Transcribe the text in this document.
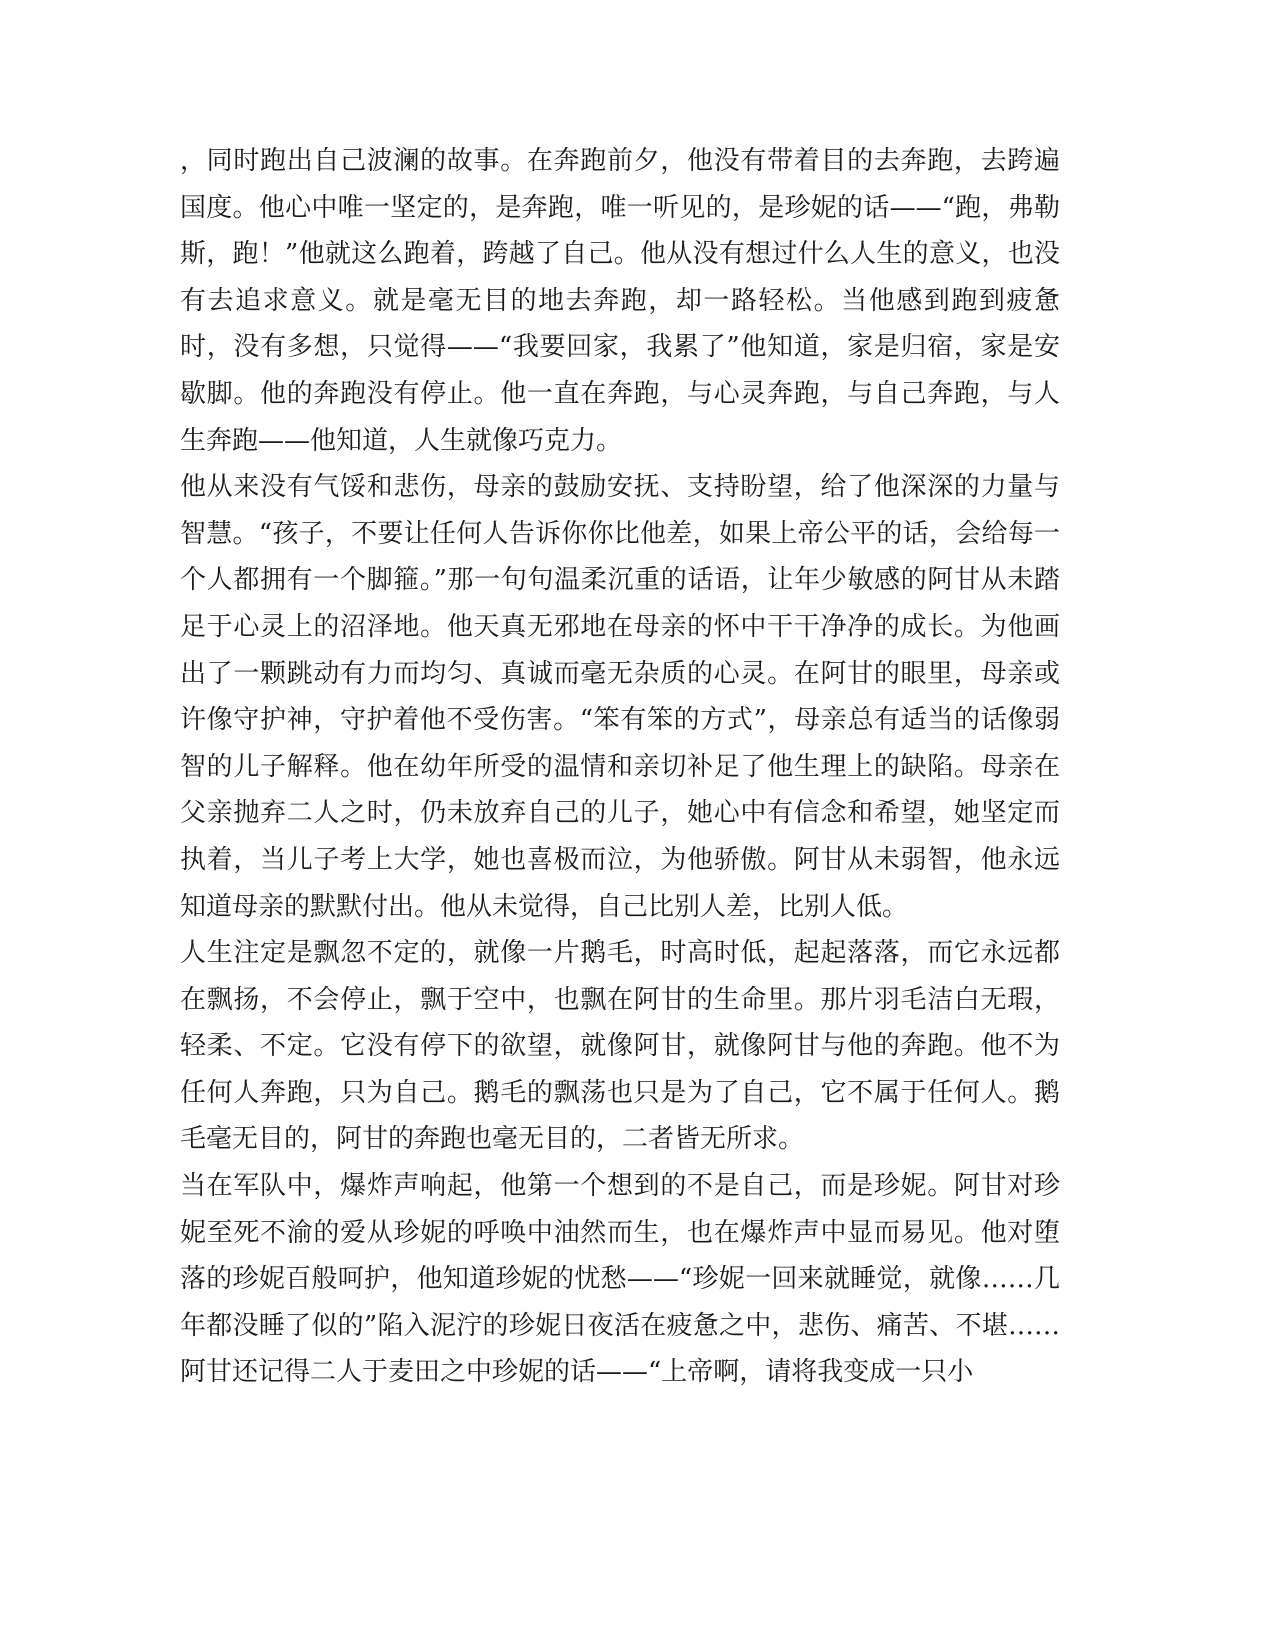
，同时跑出自己波澜的故事。在奔跑前夕，他没有带着目的去奔跑，去跨遍国度。他心中唯一坚定的，是奔跑，唯一听见的，是珍妮的话——“跑，弗勒斯，跑！”他就这么跑着，跨越了自己。他从没有想过什么人生的意义，也没有去追求意义。就是毫无目的地去奔跑，却一路轻松。当他感到跑到疲惫时，没有多想，只觉得——“我要回家，我累了”他知道，家是归宿，家是安歇脚。他的奔跑没有停止。他一直在奔跑，与心灵奔跑，与自己奔跑，与人生奔跑——他知道，人生就像巧克力。

他从来没有气馁和悲伤，母亲的鼓励安抚、支持盼望，给了他深深的力量与智慧。“孩子，不要让任何人告诉你你比他差，如果上帝公平的话，会给每一个人都拥有一个脚箍。”那一句句温柔沉重的话语，让年少敏感的阿甘从未踏足于心灵上的沼泽地。他天真无邪地在母亲的怀中干干净净的成长。为他画出了一颗跳动有力而均匀、真诚而毫无杂质的心灵。在阿甘的眼里，母亲或许像守护神，守护着他不受伤害。“笨有笨的方式”，母亲总有适当的话像弱智的儿子解释。他在幼年所受的温情和亲切补足了他生理上的缺陷。母亲在父亲抛弃二人之时，仍未放弃自己的儿子，她心中有信念和希望，她坚定而执着，当儿子考上大学，她也喜极而泣，为他骄傲。阿甘从未弱智，他永远知道母亲的默默付出。他从未觉得，自己比别人差，比别人低。

人生注定是飘忽不定的，就像一片鹅毛，时高时低，起起落落，而它永远都在飘扬，不会停止，飘于空中，也飘在阿甘的生命里。那片羽毛洁白无瑕，轻柔、不定。它没有停下的欲望，就像阿甘，就像阿甘与他的奔跑。他不为任何人奔跑，只为自己。鹅毛的飘荡也只是为了自己，它不属于任何人。鹅毛毫无目的，阿甘的奔跑也毫无目的，二者皆无所求。

当在军队中，爆炸声响起，他第一个想到的不是自己，而是珍妮。阿甘对珍妮至死不渝的爱从珍妮的呼唤中油然而生，也在爆炸声中显而易见。他对堕落的珍妮百般呵护，他知道珍妮的忧愁——“珍妮一回来就睡觉，就像……几年都没睡了似的”陷入泥泞的珍妮日夜活在疲惫之中，悲伤、痛苦、不堪……阿甘还记得二人于麦田之中珍妮的话——“上帝啊，请将我变成一只小
